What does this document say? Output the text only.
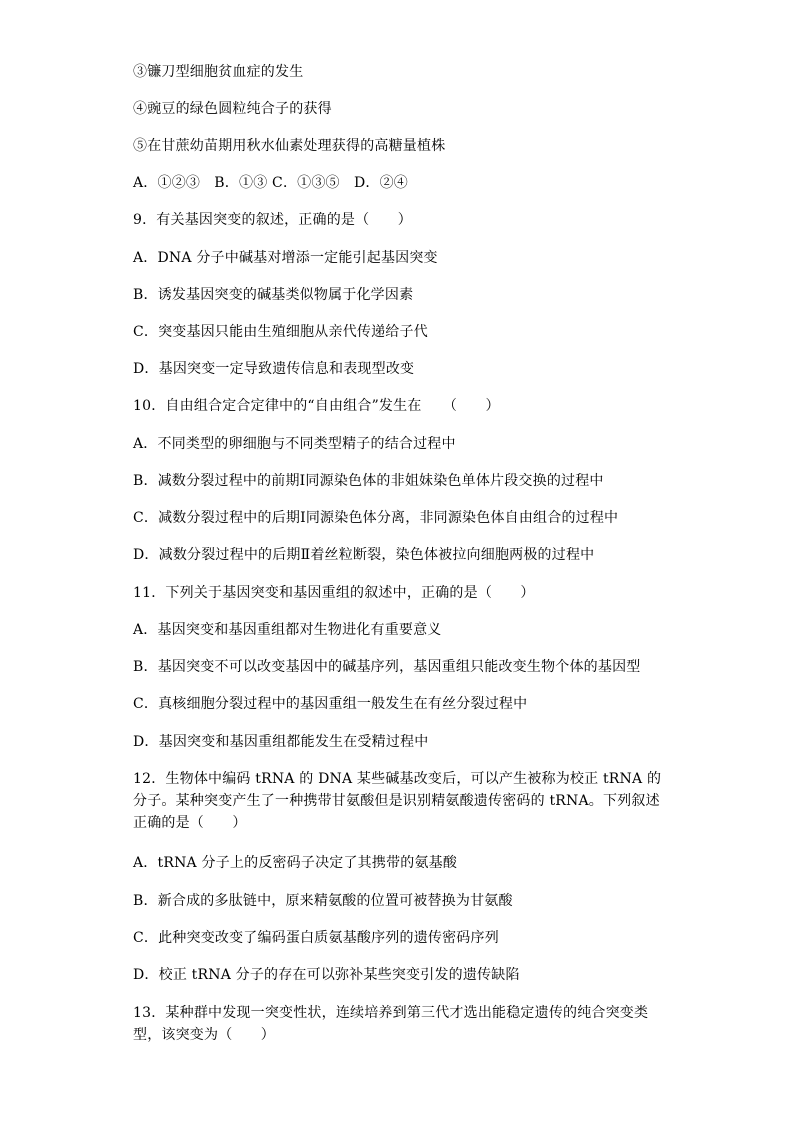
③镰刀型细胞贫血症的发生
④豌豆的绿色圆粒纯合子的获得
⑤在甘蔗幼苗期用秋水仙素处理获得的高糖量植株
A．①②③　B．①③ C．①③⑤　D．②④
9．有关基因突变的叙述，正确的是（　　）
A．DNA 分子中碱基对增添一定能引起基因突变
B．诱发基因突变的碱基类似物属于化学因素
C．突变基因只能由生殖细胞从亲代传递给子代
D．基因突变一定导致遗传信息和表现型改变
10．自由组合定合定律中的“自由组合”发生在　　（　　）
A．不同类型的卵细胞与不同类型精子的结合过程中
B．减数分裂过程中的前期Ⅰ同源染色体的非姐妹染色单体片段交换的过程中
C．减数分裂过程中的后期Ⅰ同源染色体分离，非同源染色体自由组合的过程中
D．减数分裂过程中的后期Ⅱ着丝粒断裂，染色体被拉向细胞两极的过程中
11．下列关于基因突变和基因重组的叙述中，正确的是（　　）
A．基因突变和基因重组都对生物进化有重要意义
B．基因突变不可以改变基因中的碱基序列，基因重组只能改变生物个体的基因型
C．真核细胞分裂过程中的基因重组一般发生在有丝分裂过程中
D．基因突变和基因重组都能发生在受精过程中
12．生物体中编码 tRNA 的 DNA 某些碱基改变后，可以产生被称为校正 tRNA 的分子。某种突变产生了一种携带甘氨酸但是识别精氨酸遗传密码的 tRNA。下列叙述正确的是（　　）
A．tRNA 分子上的反密码子决定了其携带的氨基酸
B．新合成的多肽链中，原来精氨酸的位置可被替换为甘氨酸
C．此种突变改变了编码蛋白质氨基酸序列的遗传密码序列
D．校正 tRNA 分子的存在可以弥补某些突变引发的遗传缺陷
13．某种群中发现一突变性状，连续培养到第三代才选出能稳定遗传的纯合突变类型，该突变为（　　）
